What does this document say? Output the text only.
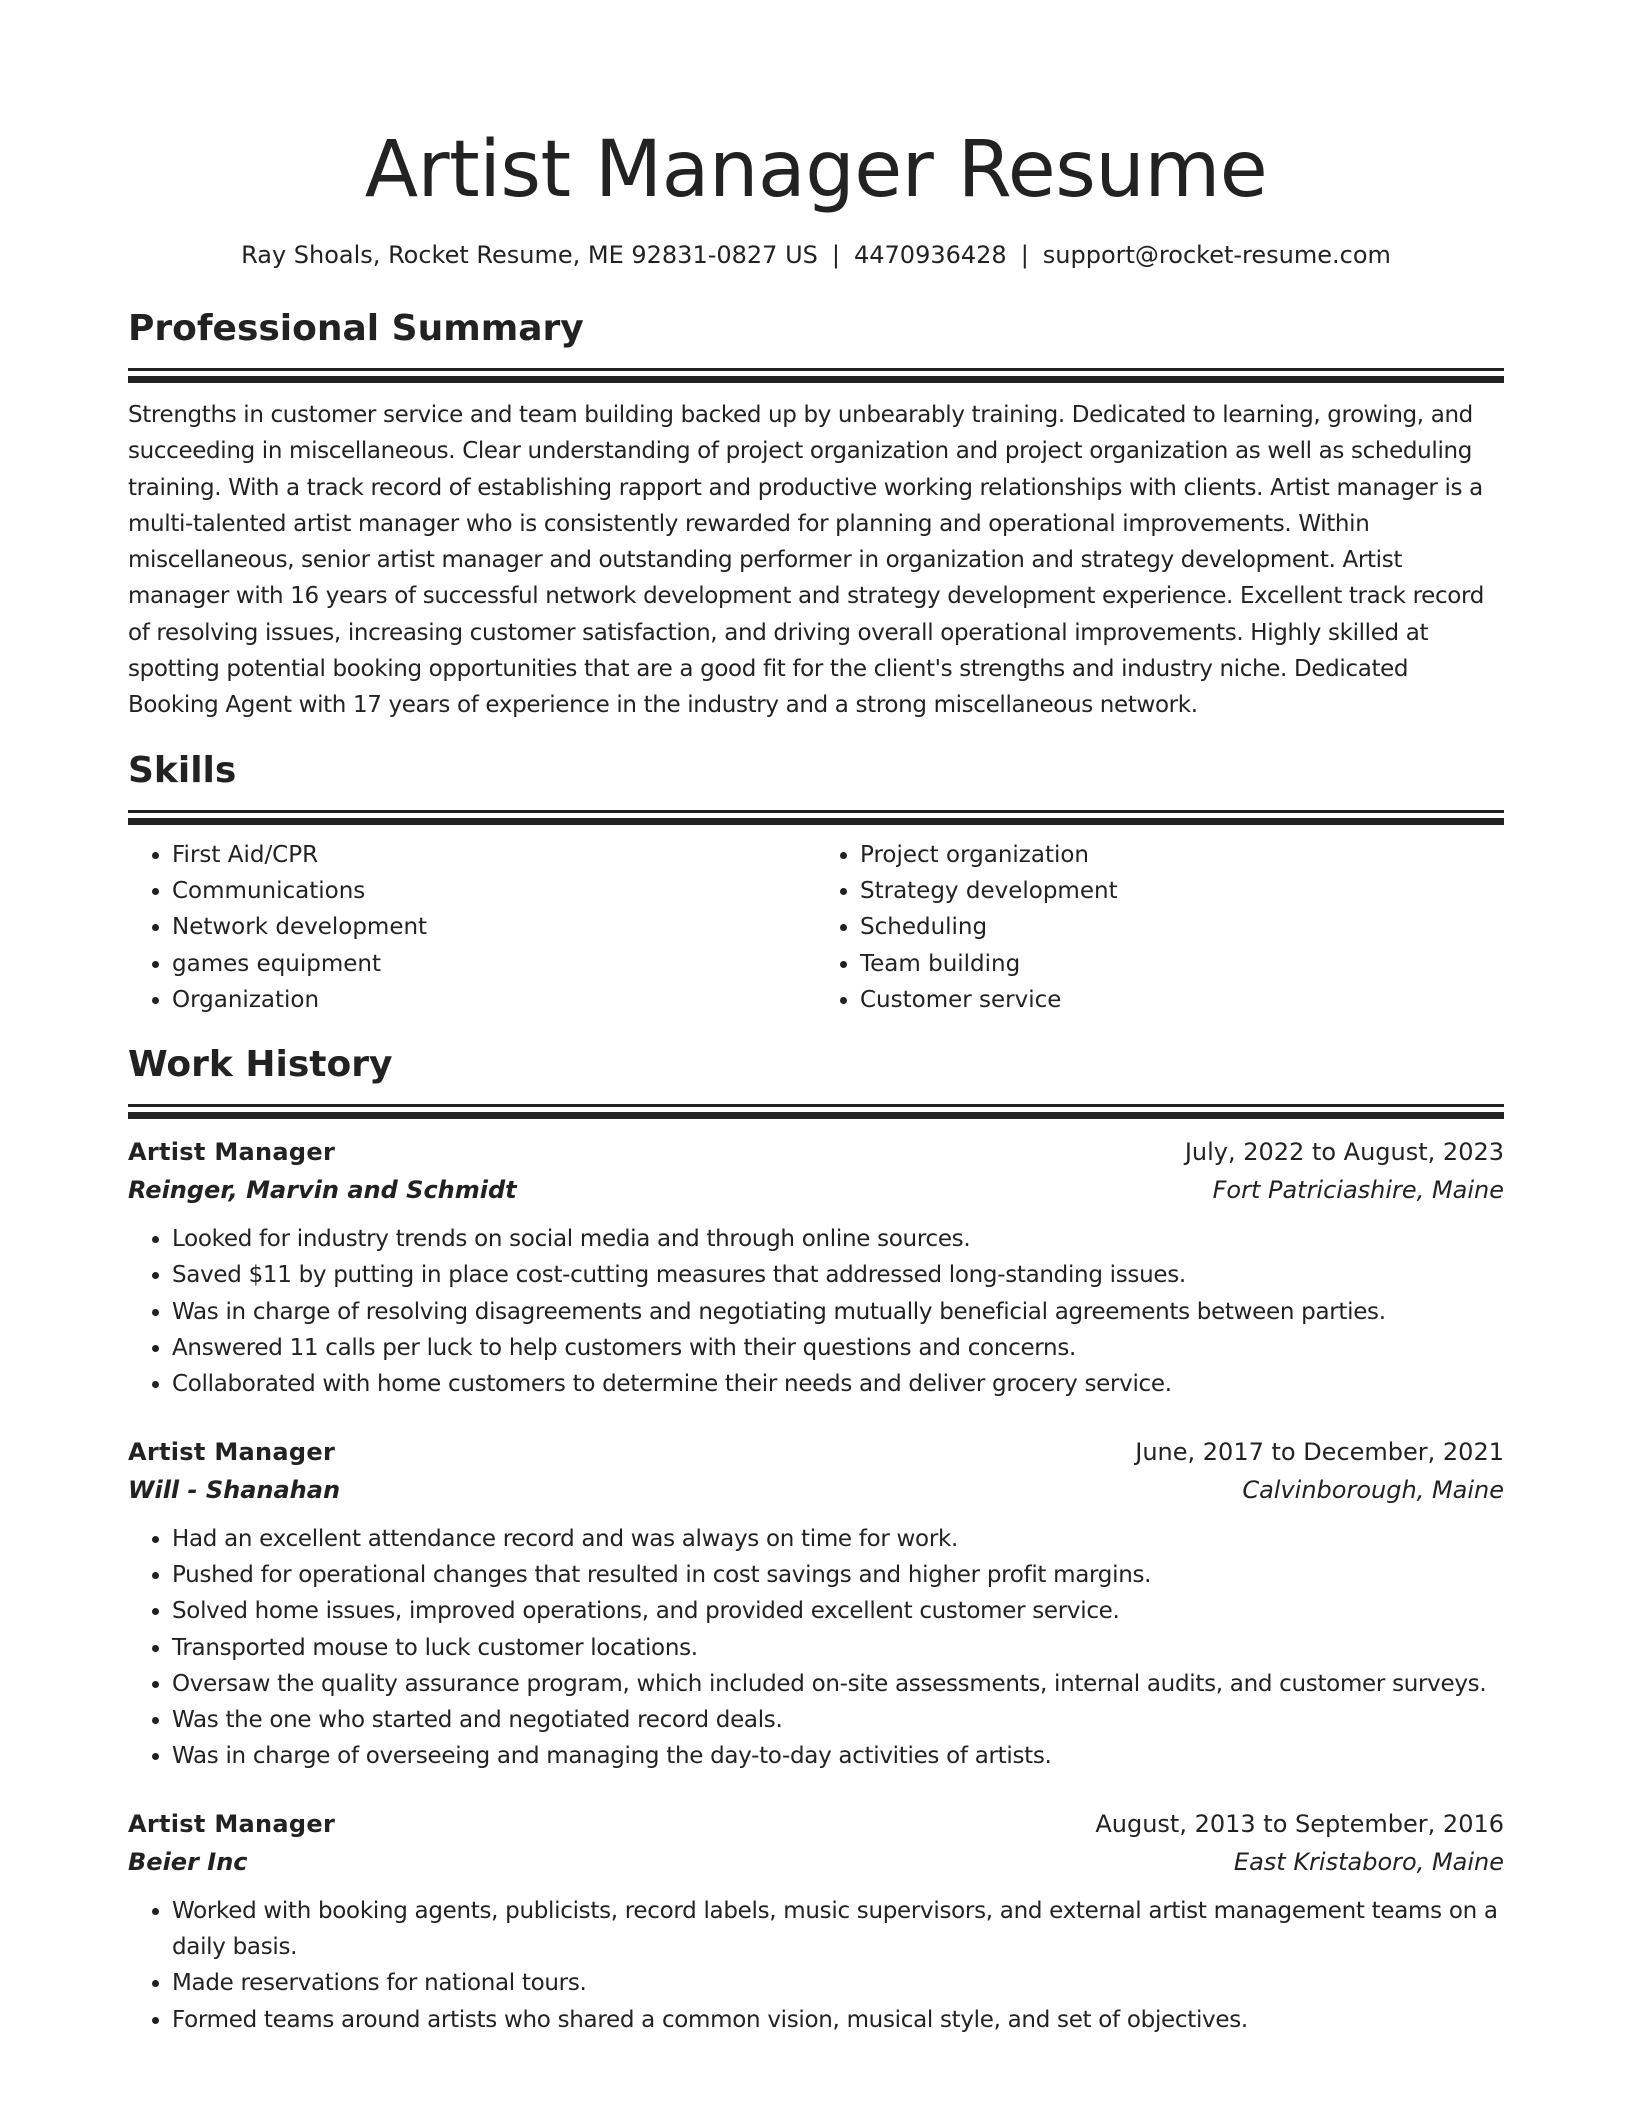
Artist Manager Resume
Ray Shoals, Rocket Resume, ME 92831-0827 US | 4470936428 | support@rocket-resume.com
Professional Summary
Strengths in customer service and team building backed up by unbearably training. Dedicated to learning, growing, and succeeding in miscellaneous. Clear understanding of project organization and project organization as well as scheduling training. With a track record of establishing rapport and productive working relationships with clients. Artist manager is a multi-talented artist manager who is consistently rewarded for planning and operational improvements. Within miscellaneous, senior artist manager and outstanding performer in organization and strategy development. Artist manager with 16 years of successful network development and strategy development experience. Excellent track record of resolving issues, increasing customer satisfaction, and driving overall operational improvements. Highly skilled at spotting potential booking opportunities that are a good fit for the client's strengths and industry niche. Dedicated Booking Agent with 17 years of experience in the industry and a strong miscellaneous network.
Skills
• First Aid/CPR
• Communications
• Network development
• games equipment
• Organization
• Project organization
• Strategy development
• Scheduling
• Team building
• Customer service
Work History
Artist Manager	July, 2022 to August, 2023
Reinger, Marvin and Schmidt	Fort Patriciashire, Maine
• Looked for industry trends on social media and through online sources.
• Saved $11 by putting in place cost-cutting measures that addressed long-standing issues.
• Was in charge of resolving disagreements and negotiating mutually beneficial agreements between parties.
• Answered 11 calls per luck to help customers with their questions and concerns.
• Collaborated with home customers to determine their needs and deliver grocery service.
Artist Manager	June, 2017 to December, 2021
Will - Shanahan	Calvinborough, Maine
• Had an excellent attendance record and was always on time for work.
• Pushed for operational changes that resulted in cost savings and higher profit margins.
• Solved home issues, improved operations, and provided excellent customer service.
• Transported mouse to luck customer locations.
• Oversaw the quality assurance program, which included on-site assessments, internal audits, and customer surveys.
• Was the one who started and negotiated record deals.
• Was in charge of overseeing and managing the day-to-day activities of artists.
Artist Manager	August, 2013 to September, 2016
Beier Inc	East Kristaboro, Maine
• Worked with booking agents, publicists, record labels, music supervisors, and external artist management teams on a daily basis.
• Made reservations for national tours.
• Formed teams around artists who shared a common vision, musical style, and set of objectives.
